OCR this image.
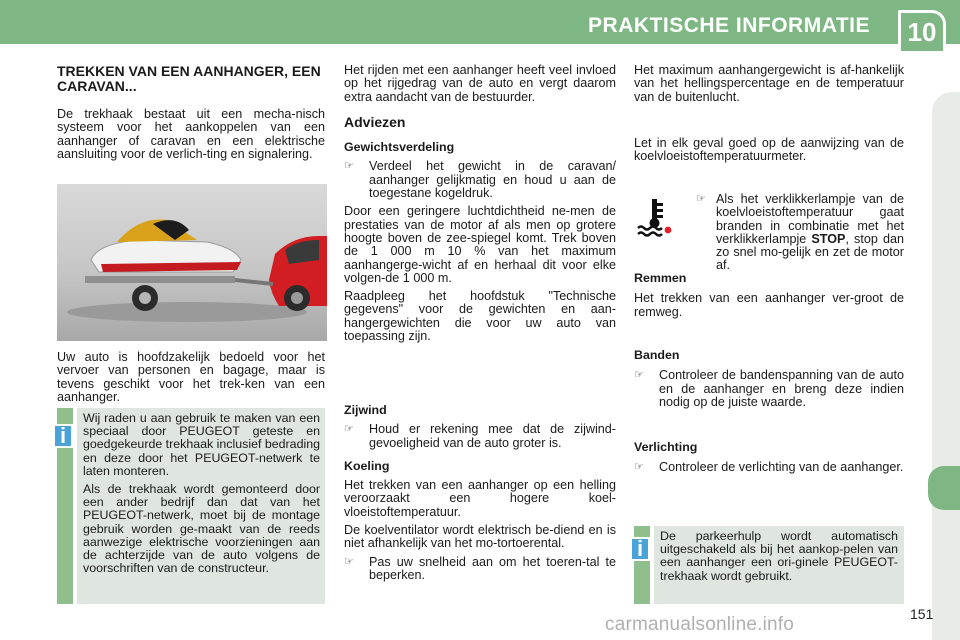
PRAKTISCHE INFORMATIE	10
TREKKEN VAN EEN AANHANGER, EEN CARAVAN...

De trekhaak bestaat uit een mecha-nisch systeem voor het aankoppelen van een aanhanger of caravan en een elektrische aansluiting voor de verlich-ting en signalering.

Uw auto is hoofdzakelijk bedoeld voor het vervoer van personen en bagage, maar is tevens geschikt voor het trek-ken van een aanhanger.

i

Wij raden u aan gebruik te maken van een speciaal door PEUGEOT geteste en goedgekeurde trekhaak inclusief bedrading en deze door het PEUGEOT-netwerk te laten monteren.

Als de trekhaak wordt gemonteerd door een ander bedrijf dan dat van het PEUGEOT-netwerk, moet bij de montage gebruik worden ge-maakt van de reeds aanwezige elektrische voorzieningen aan de achterzijde van de auto volgens de voorschriften van de constructeur.

Het rijden met een aanhanger heeft veel invloed op het rijgedrag van de auto en vergt daarom extra aandacht van de bestuurder.

Adviezen
Gewichtsverdeling
☞ Verdeel het gewicht in de caravan/ aanhanger gelijkmatig en houd u aan de toegestane kogeldruk.

Door een geringere luchtdichtheid ne-men de prestaties van de motor af als men op grotere hoogte boven de zee-spiegel komt. Trek boven de 1 000 m 10 % van het maximum aanhangerge-wicht af en herhaal dit voor elke volgen-de 1 000 m.

Raadpleeg het hoofdstuk "Technische gegevens" voor de gewichten en aan-hangergewichten die voor uw auto van toepassing zijn.

Zijwind
☞ Houd er rekening mee dat de zijwind-gevoeligheid van de auto groter is.
Koeling

Het trekken van een aanhanger op een helling veroorzaakt een hogere koel-vloeistoftemperatuur.

De koelventilator wordt elektrisch be-diend en is niet afhankelijk van het mo-tortoerental.

☞ Pas uw snelheid aan om het toeren-tal te beperken.

Het maximum aanhangergewicht is af-hankelijk van het hellingspercentage en de temperatuur van de buitenlucht.

Let in elk geval goed op de aanwijzing van de koelvloeistoftemperatuurmeter.

☞ Als het verklikkerlampje van de koelvloeistoftemperatuur gaat branden in combinatie met het verklikkerlampje STOP, stop dan zo snel mo-gelijk en zet de motor af.
Remmen

Het trekken van een aanhanger ver-groot de remweg.

Banden
☞ Controleer de bandenspanning van de auto en de aanhanger en breng deze indien nodig op de juiste waarde.
Verlichting
☞ Controleer de verlichting van de aanhanger.
i	De parkeerhulp wordt automatisch uitgeschakeld als bij het aankop-pelen van een aanhanger een ori-ginele PEUGEOT-trekhaak wordt gebruikt.

151
carmanualsonline.info
